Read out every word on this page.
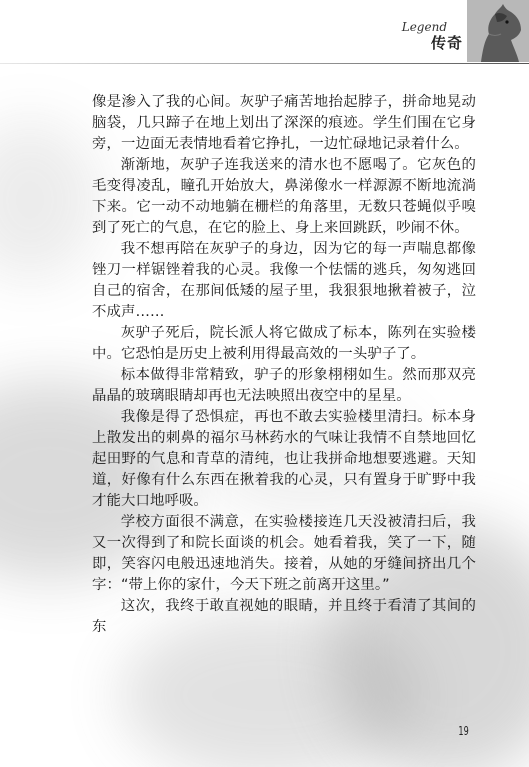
Legend
传奇

像是渗入了我的心间。灰驴子痛苦地抬起脖子，拼命地晃动脑袋，几只蹄子在地上划出了深深的痕迹。学生们围在它身旁，一边面无表情地看着它挣扎，一边忙碌地记录着什么。

渐渐地，灰驴子连我送来的清水也不愿喝了。它灰色的毛变得凌乱，瞳孔开始放大，鼻涕像水一样源源不断地流淌下来。它一动不动地躺在栅栏的角落里，无数只苍蝇似乎嗅到了死亡的气息，在它的脸上、身上来回跳跃，吵闹不休。

我不想再陪在灰驴子的身边，因为它的每一声喘息都像锉刀一样锯锉着我的心灵。我像一个怯懦的逃兵，匆匆逃回自己的宿舍，在那间低矮的屋子里，我狠狠地揪着被子，泣不成声……

灰驴子死后，院长派人将它做成了标本，陈列在实验楼中。它恐怕是历史上被利用得最高效的一头驴子了。

标本做得非常精致，驴子的形象栩栩如生。然而那双亮晶晶的玻璃眼睛却再也无法映照出夜空中的星星。

我像是得了恐惧症，再也不敢去实验楼里清扫。标本身上散发出的刺鼻的福尔马林药水的气味让我情不自禁地回忆起田野的气息和青草的清纯，也让我拼命地想要逃避。天知道，好像有什么东西在揪着我的心灵，只有置身于旷野中我才能大口地呼吸。

学校方面很不满意，在实验楼接连几天没被清扫后，我又一次得到了和院长面谈的机会。她看着我，笑了一下，随即，笑容闪电般迅速地消失。接着，从她的牙缝间挤出几个字：“带上你的家什，今天下班之前离开这里。”

这次，我终于敢直视她的眼睛，并且终于看清了其间的东

19
